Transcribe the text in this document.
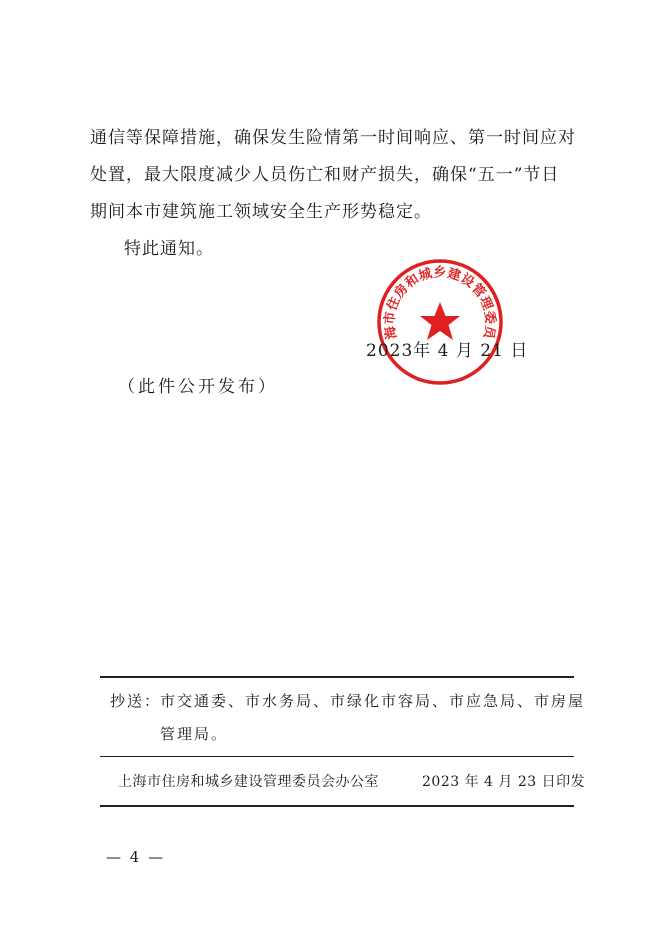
通信等保障措施，确保发生险情第一时间响应、第一时间应对
处置，最大限度减少人员伤亡和财产损失，确保“五一”节日
期间本市建筑施工领域安全生产形势稳定。
特此通知。
海市住房和城乡建设管理委员
2023年 4 月 21 日
（此件公开发布）
抄送：
市交通委、市水务局、市绿化市容局、市应急局、市房屋
管理局。
上海市住房和城乡建设管理委员会办公室	2023 年 4 月 23 日印发
— 4 —
